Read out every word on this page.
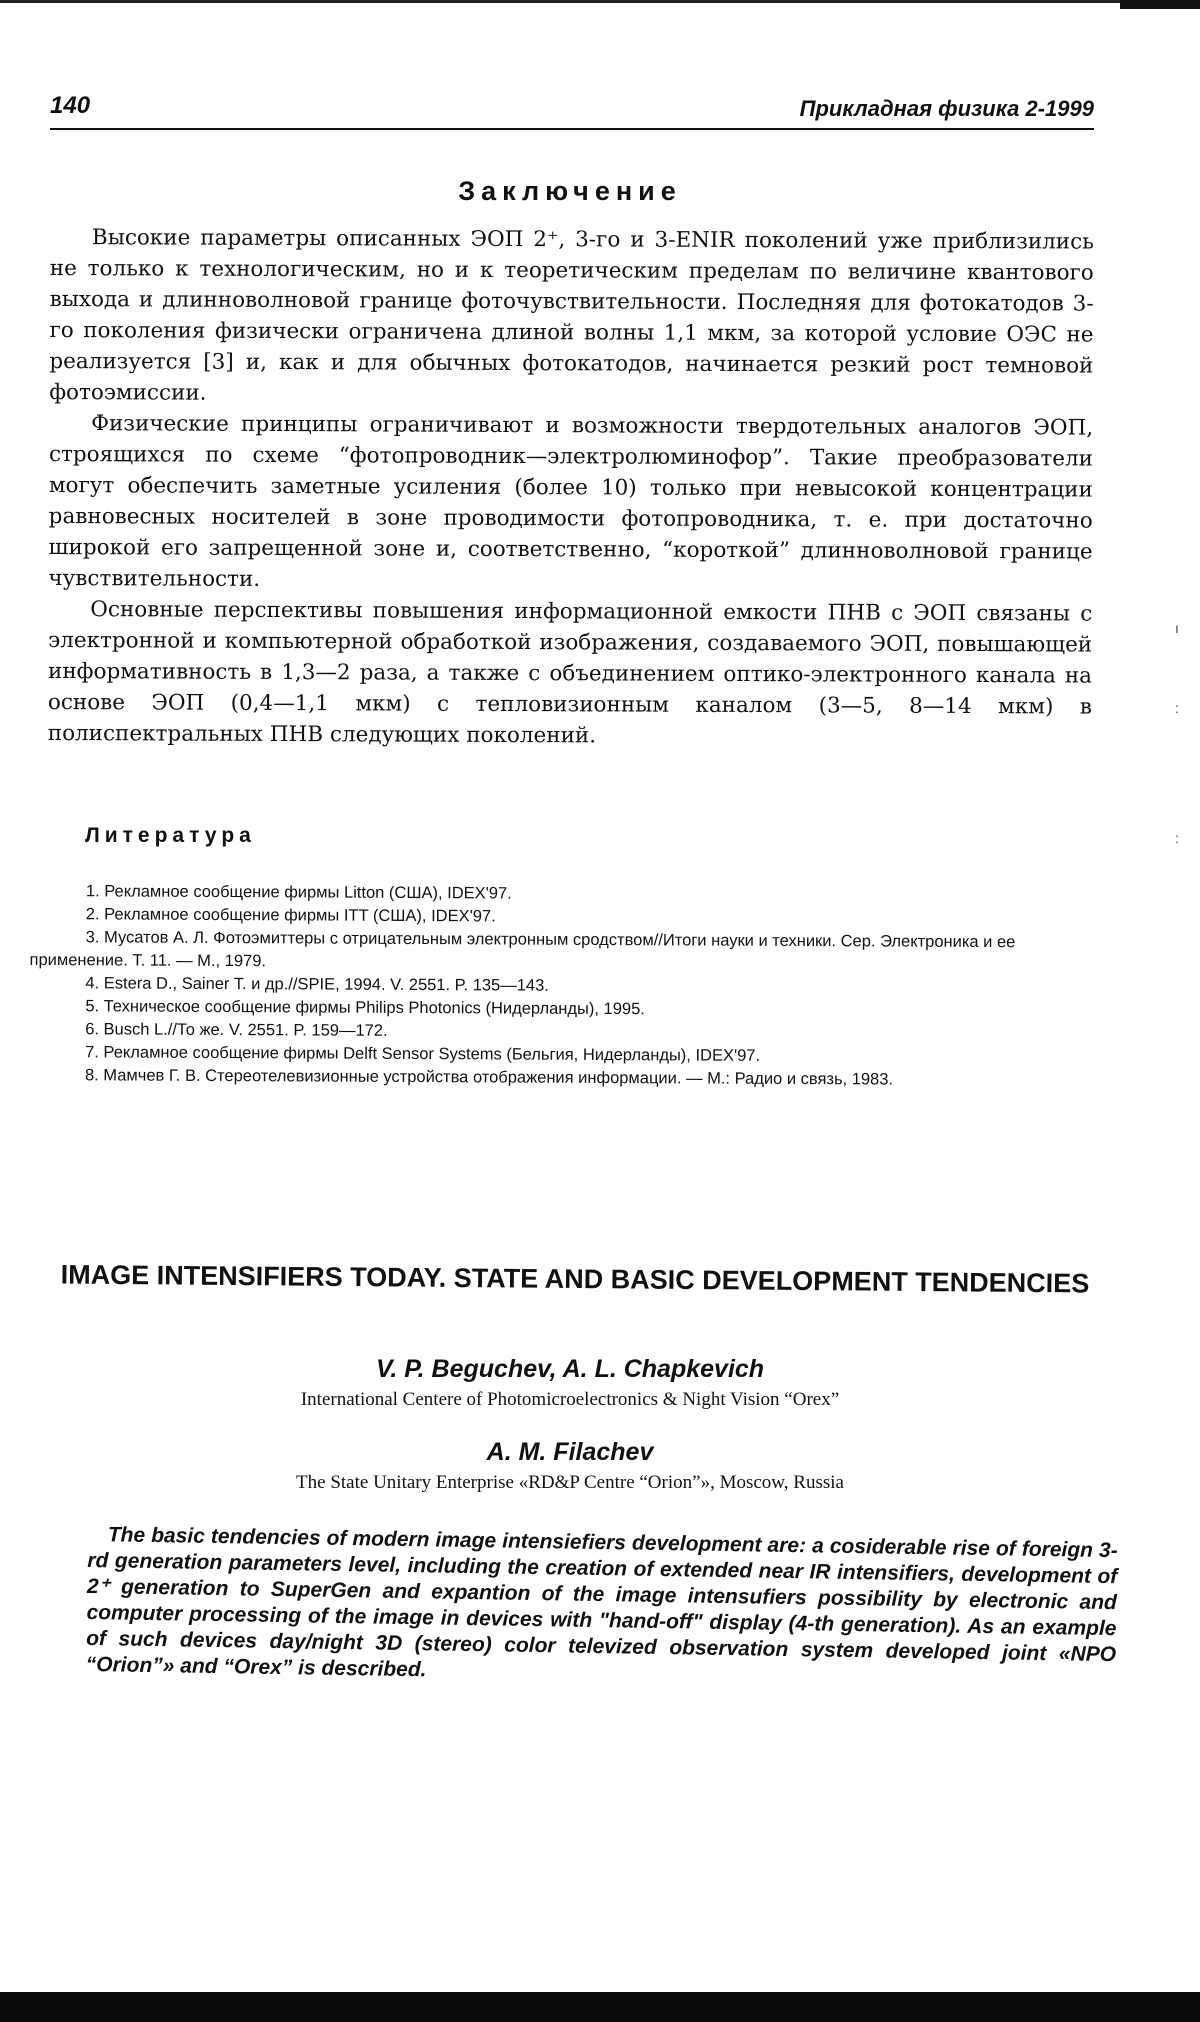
140	Прикладная физика 2-1999
Заключение

Высокие параметры описанных ЭОП 2⁺, 3-го и 3-ENIR поколений уже приблизились не только к технологическим, но и к теоретическим пределам по величине квантового выхода и длинноволновой границе фоточувствительности. Последняя для фотокатодов 3-го поколения физически ограничена длиной волны 1,1 мкм, за которой условие ОЭС не реализуется [3] и, как и для обычных фотокатодов, начинается резкий рост темновой фотоэмиссии.

Физические принципы ограничивают и возможности твердотельных аналогов ЭОП, строящихся по схеме “фотопроводник—электролюминофор”. Такие преобразователи могут обеспечить заметные усиления (более 10) только при невысокой концентрации равновесных носителей в зоне проводимости фотопроводника, т. е. при достаточно широкой его запрещенной зоне и, соответственно, “короткой” длинноволновой границе чувствительности.

Основные перспективы повышения информационной емкости ПНВ с ЭОП связаны с электронной и компьютерной обработкой изображения, создаваемого ЭОП, повышающей информативность в 1,3—2 раза, а также с объединением оптико-электронного канала на основе ЭОП (0,4—1,1 мкм) с тепловизионным каналом (3—5, 8—14 мкм) в полиспектральных ПНВ следующих поколений.

Литература
1. Рекламное сообщение фирмы Litton (США), IDEX'97.
2. Рекламное сообщение фирмы ITT (США), IDEX'97.
3. Мусатов А. Л. Фотоэмиттеры с отрицательным электронным сродством//Итоги науки и техники. Сер. Электроника и ее применение. Т. 11. — М., 1979.
4. Estera D., Sainer T. и др.//SPIE, 1994. V. 2551. P. 135—143.
5. Техническое сообщение фирмы Philips Photonics (Нидерланды), 1995.
6. Busch L.//То же. V. 2551. P. 159—172.
7. Рекламное сообщение фирмы Delft Sensor Systems (Бельгия, Нидерланды), IDEX'97.
8. Мамчев Г. В. Стереотелевизионные устройства отображения информации. — М.: Радио и связь, 1983.
IMAGE INTENSIFIERS TODAY. STATE AND BASIC DEVELOPMENT TENDENCIES
V. P. Beguchev, A. L. Chapkevich
International Centere of Photomicroelectronics & Night Vision “Orex”
A. M. Filachev
The State Unitary Enterprise «RD&P Centre “Orion”», Moscow, Russia

The basic tendencies of modern image intensiefiers development are: a cosiderable rise of foreign 3-rd generation parameters level, including the creation of extended near IR intensifiers, development of 2⁺ generation to SuperGen and expantion of the image intensufiers possibility by electronic and computer processing of the image in devices with "hand-off" display (4-th generation). As an example of such devices day/night 3D (stereo) color televized observation system developed joint «NPO “Orion”» and “Orex” is described.

ı
:
:
